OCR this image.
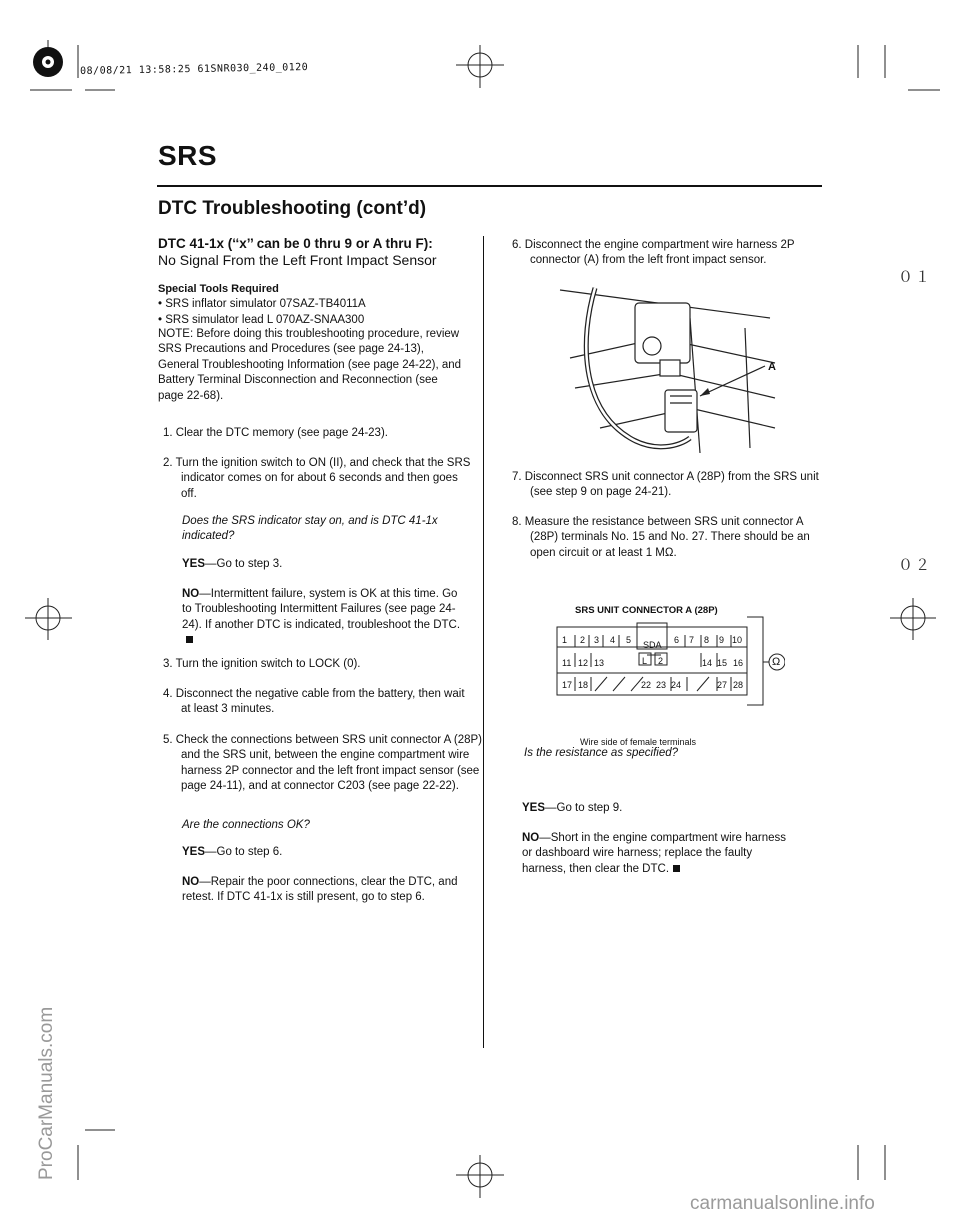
08/08/21 13:58:25 61SNR030_240_0120
SRS
DTC Troubleshooting (cont’d)
０１
０２
ProCarManuals.com
carmanualsonline.info
DTC 41-1x (‘‘x’’ can be 0 thru 9 or A thru F):
No Signal From the Left Front Impact Sensor

Special Tools Required

• SRS inflator simulator 07SAZ-TB4011A

• SRS simulator lead L 070AZ-SNAA300

NOTE: Before doing this troubleshooting procedure, review SRS Precautions and Procedures (see page 24-13), General Troubleshooting Information (see page 24-22), and Battery Terminal Disconnection and Reconnection (see page 22-68).

1. Clear the DTC memory (see page 24-23).

2. Turn the ignition switch to ON (II), and check that the SRS indicator comes on for about 6 seconds and then goes off.

Does the SRS indicator stay on, and is DTC 41-1x indicated?

YES—Go to step 3.

NO—Intermittent failure, system is OK at this time. Go to Troubleshooting Intermittent Failures (see page 24-24). If another DTC is indicated, troubleshoot the DTC.

3. Turn the ignition switch to LOCK (0).

4. Disconnect the negative cable from the battery, then wait at least 3 minutes.

5. Check the connections between SRS unit connector A (28P) and the SRS unit, between the engine compartment wire harness 2P connector and the left front impact sensor (see page 24-11), and at connector C203 (see page 22-22).

Are the connections OK?

YES—Go to step 6.

NO—Repair the poor connections, clear the DTC, and retest. If DTC 41-1x is still present, go to step 6.

6. Disconnect the engine compartment wire harness 2P connector (A) from the left front impact sensor.

A

7. Disconnect SRS unit connector A (28P) from the SRS unit (see step 9 on page 24-21).

8. Measure the resistance between SRS unit connector A (28P) terminals No. 15 and No. 27. There should be an open circuit or at least 1 MΩ.

SRS UNIT CONNECTOR A (28P)
1 2 3 4 5	6 7 8 9 10
SDA
11 12 13	L 2	14 15 16
17 18	22 23 24	27 28
Ω
Wire side of female terminals

Is the resistance as specified?

YES—Go to step 9.

NO—Short in the engine compartment wire harness or dashboard wire harness; replace the faulty harness, then clear the DTC.
